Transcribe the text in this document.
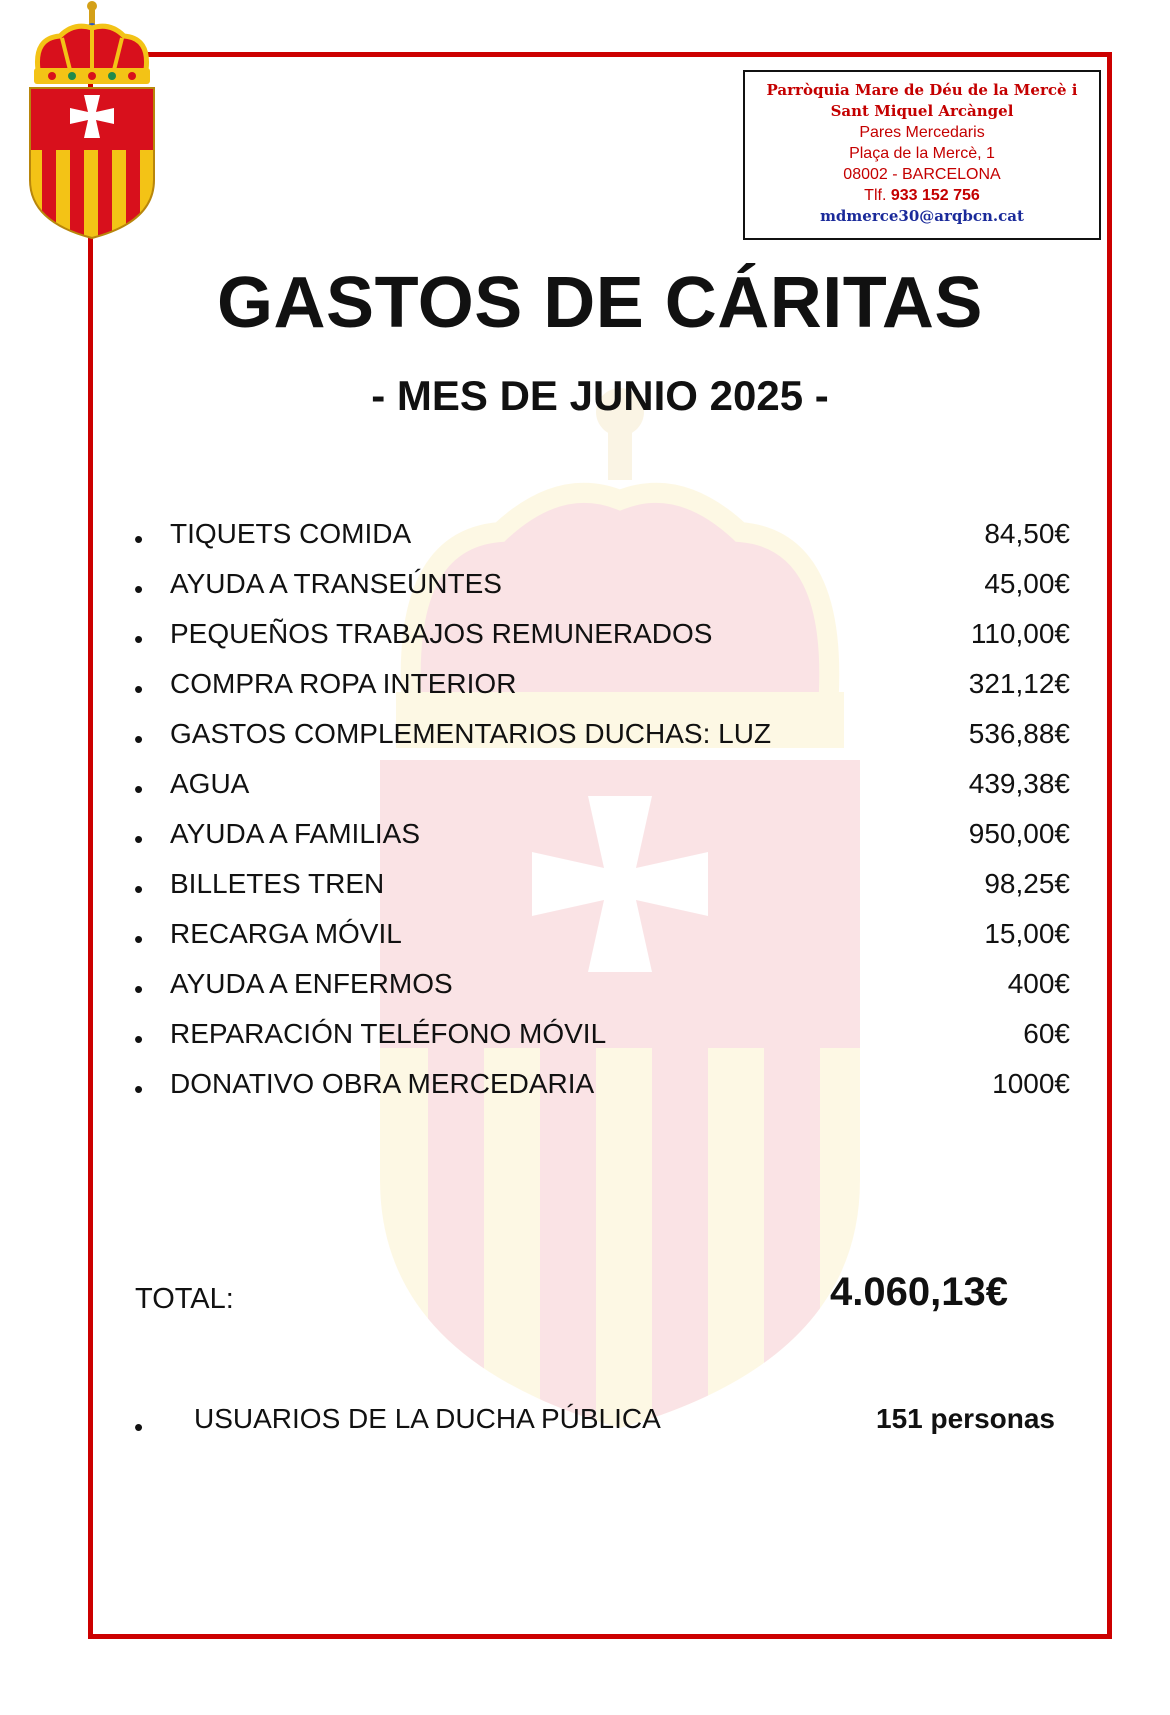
Parròquia Mare de Déu de la Mercè i
Sant Miquel Arcàngel
Pares Mercedaris
Plaça de la Mercè, 1
08002 - BARCELONA
Tlf. 933 152 756
mdmerce30@arqbcn.cat
GASTOS DE CÁRITAS
- MES DE JUNIO 2025 -
• TIQUETS COMIDA	84,50€
• AYUDA A TRANSEÚNTES	45,00€
• PEQUEÑOS TRABAJOS REMUNERADOS	110,00€
• COMPRA ROPA INTERIOR	321,12€
• GASTOS COMPLEMENTARIOS DUCHAS: LUZ	536,88€
• AGUA	439,38€
• AYUDA A FAMILIAS	950,00€
• BILLETES TREN	98,25€
• RECARGA MÓVIL	15,00€
• AYUDA A ENFERMOS	400€
• REPARACIÓN TELÉFONO MÓVIL	60€
• DONATIVO OBRA MERCEDARIA	1000€
TOTAL:	4.060,13€
• USUARIOS DE LA DUCHA PÚBLICA	151 personas
